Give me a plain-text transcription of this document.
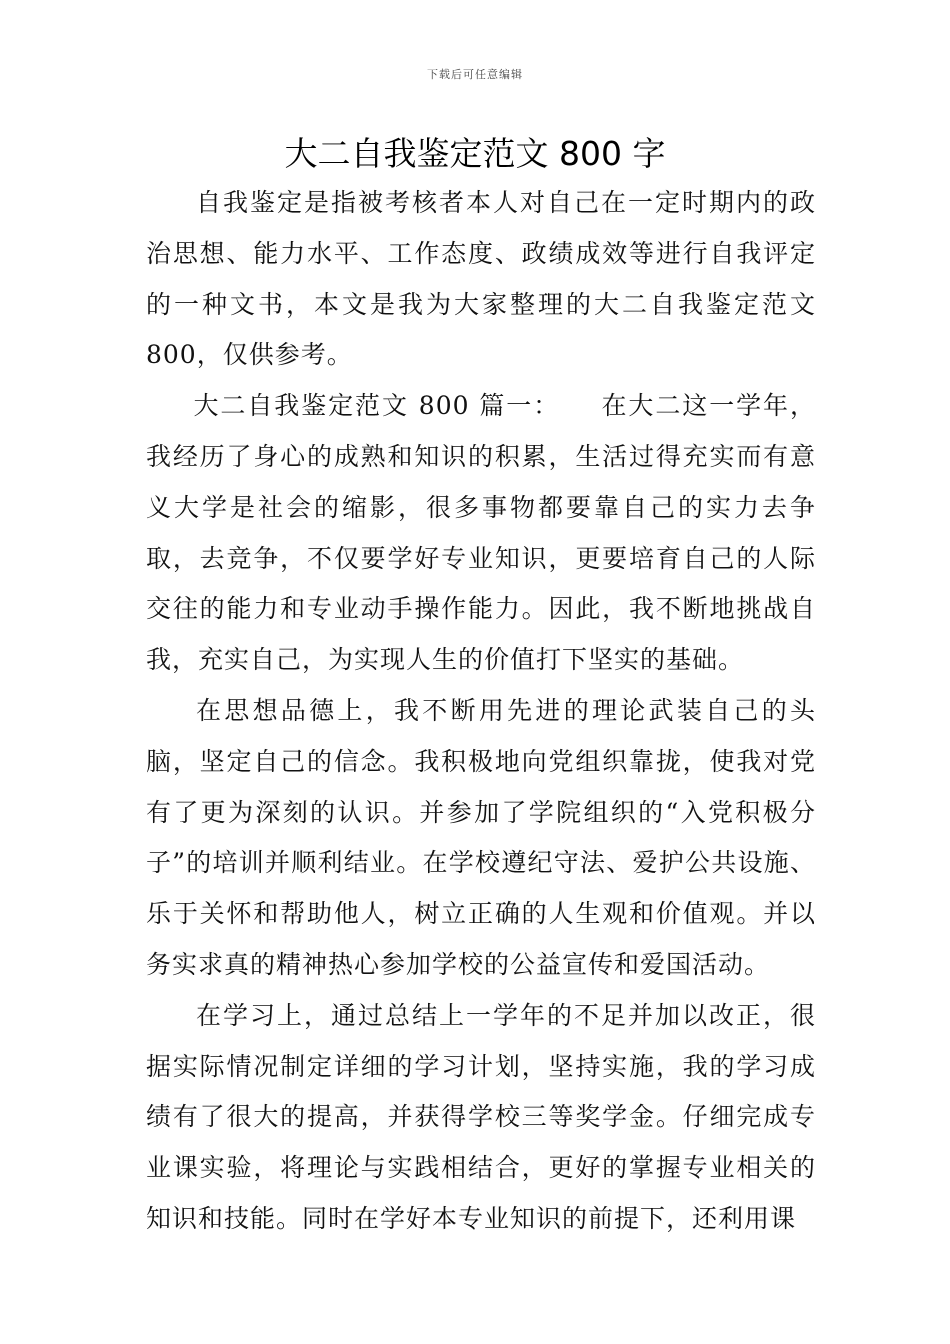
下载后可任意编辑
大二自我鉴定范文 800 字

自我鉴定是指被考核者本人对自己在一定时期内的政治思想、能力水平、工作态度、政绩成效等进行自我评定的一种文书，本文是我为大家整理的大二自我鉴定范文 800，仅供参考。

大二自我鉴定范文 800 篇一：　　在大二这一学年，我经历了身心的成熟和知识的积累，生活过得充实而有意义大学是社会的缩影，很多事物都要靠自己的实力去争取，去竞争，不仅要学好专业知识，更要培育自己的人际交往的能力和专业动手操作能力。因此，我不断地挑战自我，充实自己，为实现人生的价值打下坚实的基础。

在思想品德上，我不断用先进的理论武装自己的头脑，坚定自己的信念。我积极地向党组织靠拢，使我对党有了更为深刻的认识。并参加了学院组织的“入党积极分子”的培训并顺利结业。在学校遵纪守法、爱护公共设施、乐于关怀和帮助他人，树立正确的人生观和价值观。并以务实求真的精神热心参加学校的公益宣传和爱国活动。

在学习上，通过总结上一学年的不足并加以改正，很据实际情况制定详细的学习计划，坚持实施，我的学习成绩有了很大的提高，并获得学校三等奖学金。仔细完成专业课实验，将理论与实践相结合，更好的掌握专业相关的知识和技能。同时在学好本专业知识的前提下，还利用课
